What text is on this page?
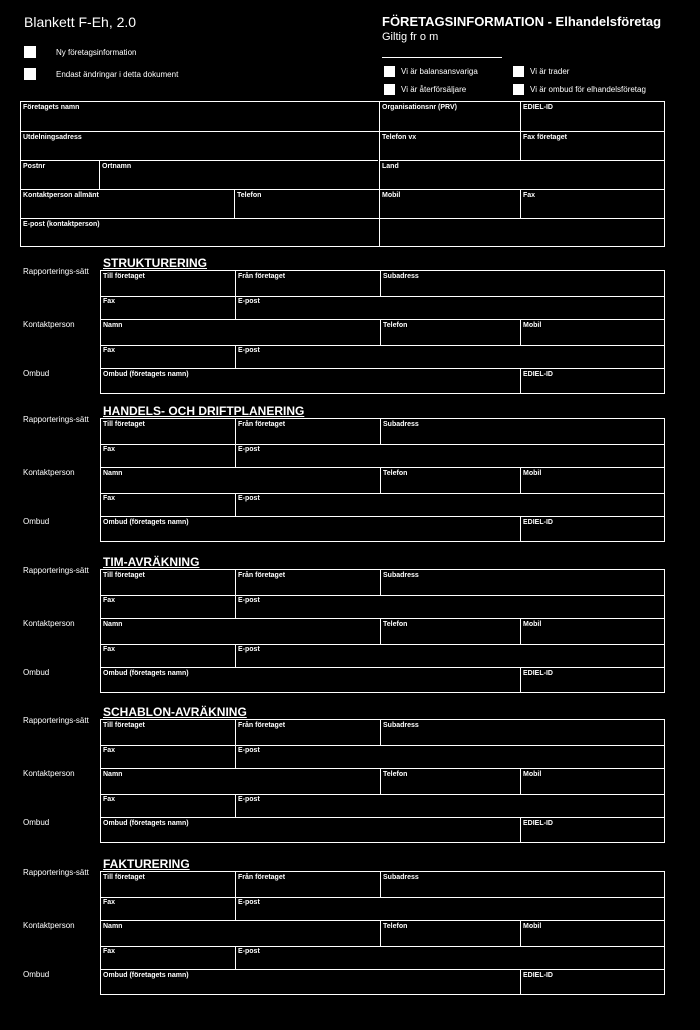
Blankett F-Eh, 2.0	FÖRETAGSINFORMATION - Elhandelsföretag
Giltig fr o m
Ny företagsinformation
Endast ändringar i detta dokument	Vi är balansansvariga	Vi är trader
Vi är återförsäljare	Vi är ombud för elhandelsföretag
Företagets namn	Organisationsnr (PRV)	EDIEL-ID
Utdelningsadress	Telefon vx	Fax företaget
Postnr	Ortnamn	Land
Kontaktperson allmänt	Telefon	Mobil	Fax
E-post (kontaktperson)
STRUKTURERING
Rapporterings-sätt
Kontaktperson
Ombud
Till företaget	Från företaget	Subadress
Fax	E-post
Namn	Telefon	Mobil
Fax	E-post
Ombud (företagets namn)	EDIEL-ID
HANDELS- OCH DRIFTPLANERING
Rapporterings-sätt
Kontaktperson
Ombud
Till företaget	Från företaget	Subadress
Fax	E-post
Namn	Telefon	Mobil
Fax	E-post
Ombud (företagets namn)	EDIEL-ID
TIM-AVRÄKNING
Rapporterings-sätt
Kontaktperson
Ombud
Till företaget	Från företaget	Subadress
Fax	E-post
Namn	Telefon	Mobil
Fax	E-post
Ombud (företagets namn)	EDIEL-ID
SCHABLON-AVRÄKNING
Rapporterings-sätt
Kontaktperson
Ombud
Till företaget	Från företaget	Subadress
Fax	E-post
Namn	Telefon	Mobil
Fax	E-post
Ombud (företagets namn)	EDIEL-ID
FAKTURERING
Rapporterings-sätt
Kontaktperson
Ombud
Till företaget	Från företaget	Subadress
Fax	E-post
Namn	Telefon	Mobil
Fax	E-post
Ombud (företagets namn)	EDIEL-ID
